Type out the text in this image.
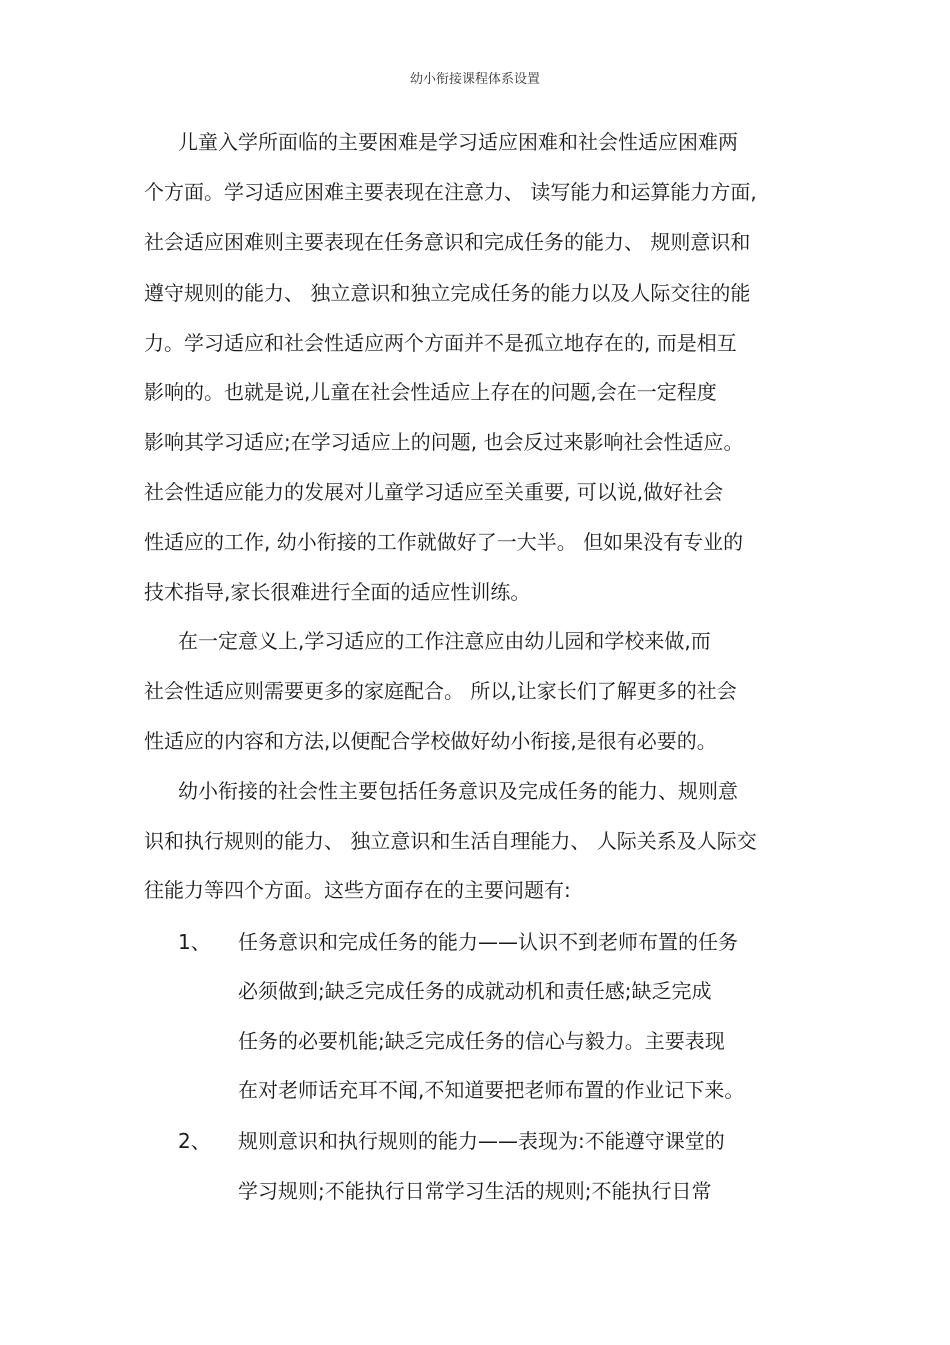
幼小衔接课程体系设置
儿童入学所面临的主要困难是学习适应困难和社会性适应困难两
个方面。学习适应困难主要表现在注意力、 读写能力和运算能力方面,
社会适应困难则主要表现在任务意识和完成任务的能力、 规则意识和
遵守规则的能力、 独立意识和独立完成任务的能力以及人际交往的能
力。学习适应和社会性适应两个方面并不是孤立地存在的, 而是相互
影响的。也就是说,儿童在社会性适应上存在的问题,会在一定程度
影响其学习适应;在学习适应上的问题, 也会反过来影响社会性适应。
社会性适应能力的发展对儿童学习适应至关重要, 可以说,做好社会
性适应的工作, 幼小衔接的工作就做好了一大半。 但如果没有专业的
技术指导,家长很难进行全面的适应性训练。
在一定意义上,学习适应的工作注意应由幼儿园和学校来做,而
社会性适应则需要更多的家庭配合。 所以,让家长们了解更多的社会
性适应的内容和方法,以便配合学校做好幼小衔接,是很有必要的。
幼小衔接的社会性主要包括任务意识及完成任务的能力、规则意
识和执行规则的能力、 独立意识和生活自理能力、 人际关系及人际交
往能力等四个方面。这些方面存在的主要问题有:
1、 任务意识和完成任务的能力——认识不到老师布置的任务
必须做到;缺乏完成任务的成就动机和责任感;缺乏完成
任务的必要机能;缺乏完成任务的信心与毅力。主要表现
在对老师话充耳不闻,不知道要把老师布置的作业记下来。
2、 规则意识和执行规则的能力——表现为:不能遵守课堂的
学习规则;不能执行日常学习生活的规则;不能执行日常
